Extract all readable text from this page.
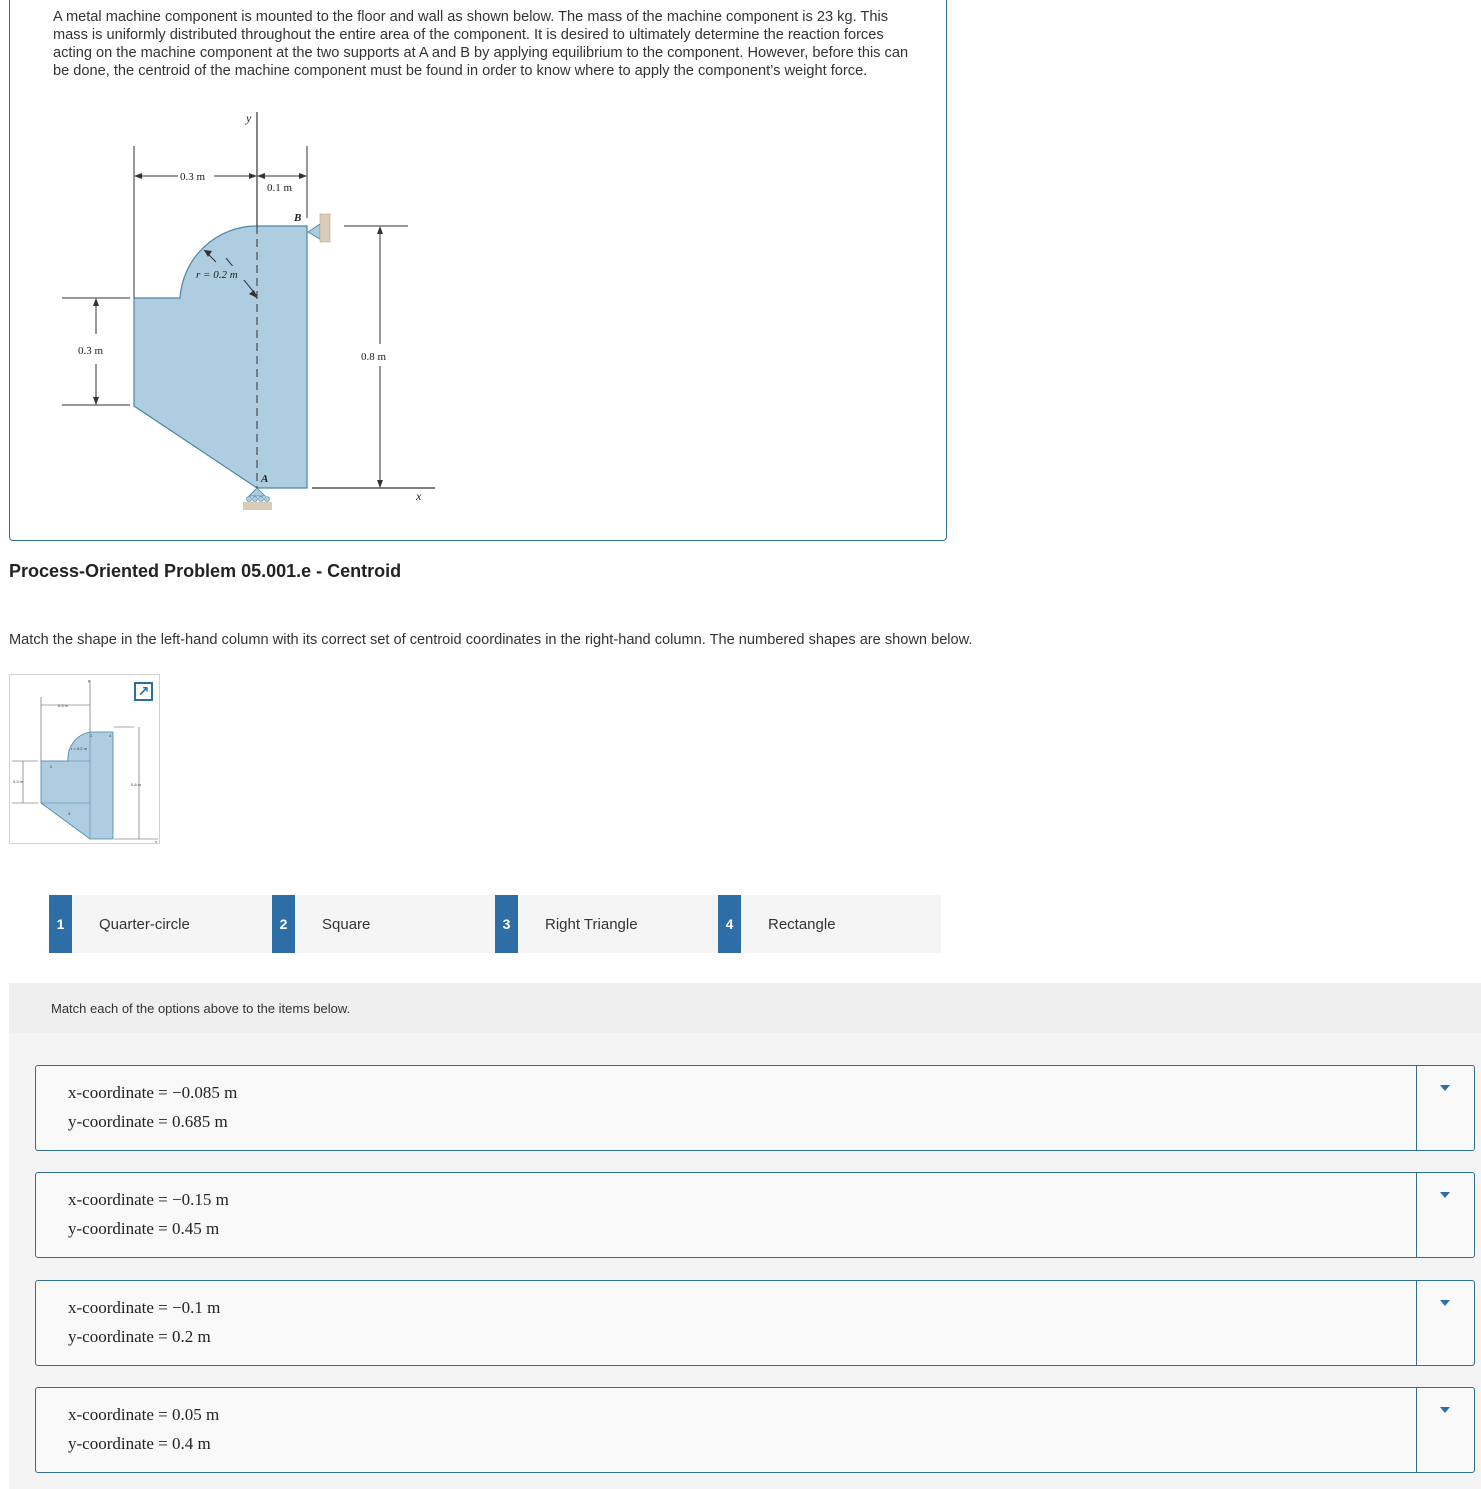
A metal machine component is mounted to the floor and wall as shown below. The mass of the machine component is 23 kg. This mass is uniformly distributed throughout the entire area of the component. It is desired to ultimately determine the reaction forces acting on the machine component at the two supports at A and B by applying equilibrium to the component. However, before this can be done, the centroid of the machine component must be found in order to know where to apply the component’s weight force.
y
x
0.3 m
0.1 m
B
r = 0.2 m
0.3 m	0.8 m
A
Process-Oriented Problem 05.001.e - Centroid

Match the shape in the left-hand column with its correct set of centroid coordinates in the right-hand column. The numbered shapes are shown below.

y
0.3 m
r = 0.2 m
1	4
2
0.3 m
0.8 m
3
x
↗
1	Quarter-circle	2	Square	3	Right Triangle	4	Rectangle
Match each of the options above to the items below.
x-coordinate = −0.085 m
y-coordinate = 0.685 m
x-coordinate = −0.15 m
y-coordinate = 0.45 m
x-coordinate = −0.1 m
y-coordinate = 0.2 m
x-coordinate = 0.05 m
y-coordinate = 0.4 m
